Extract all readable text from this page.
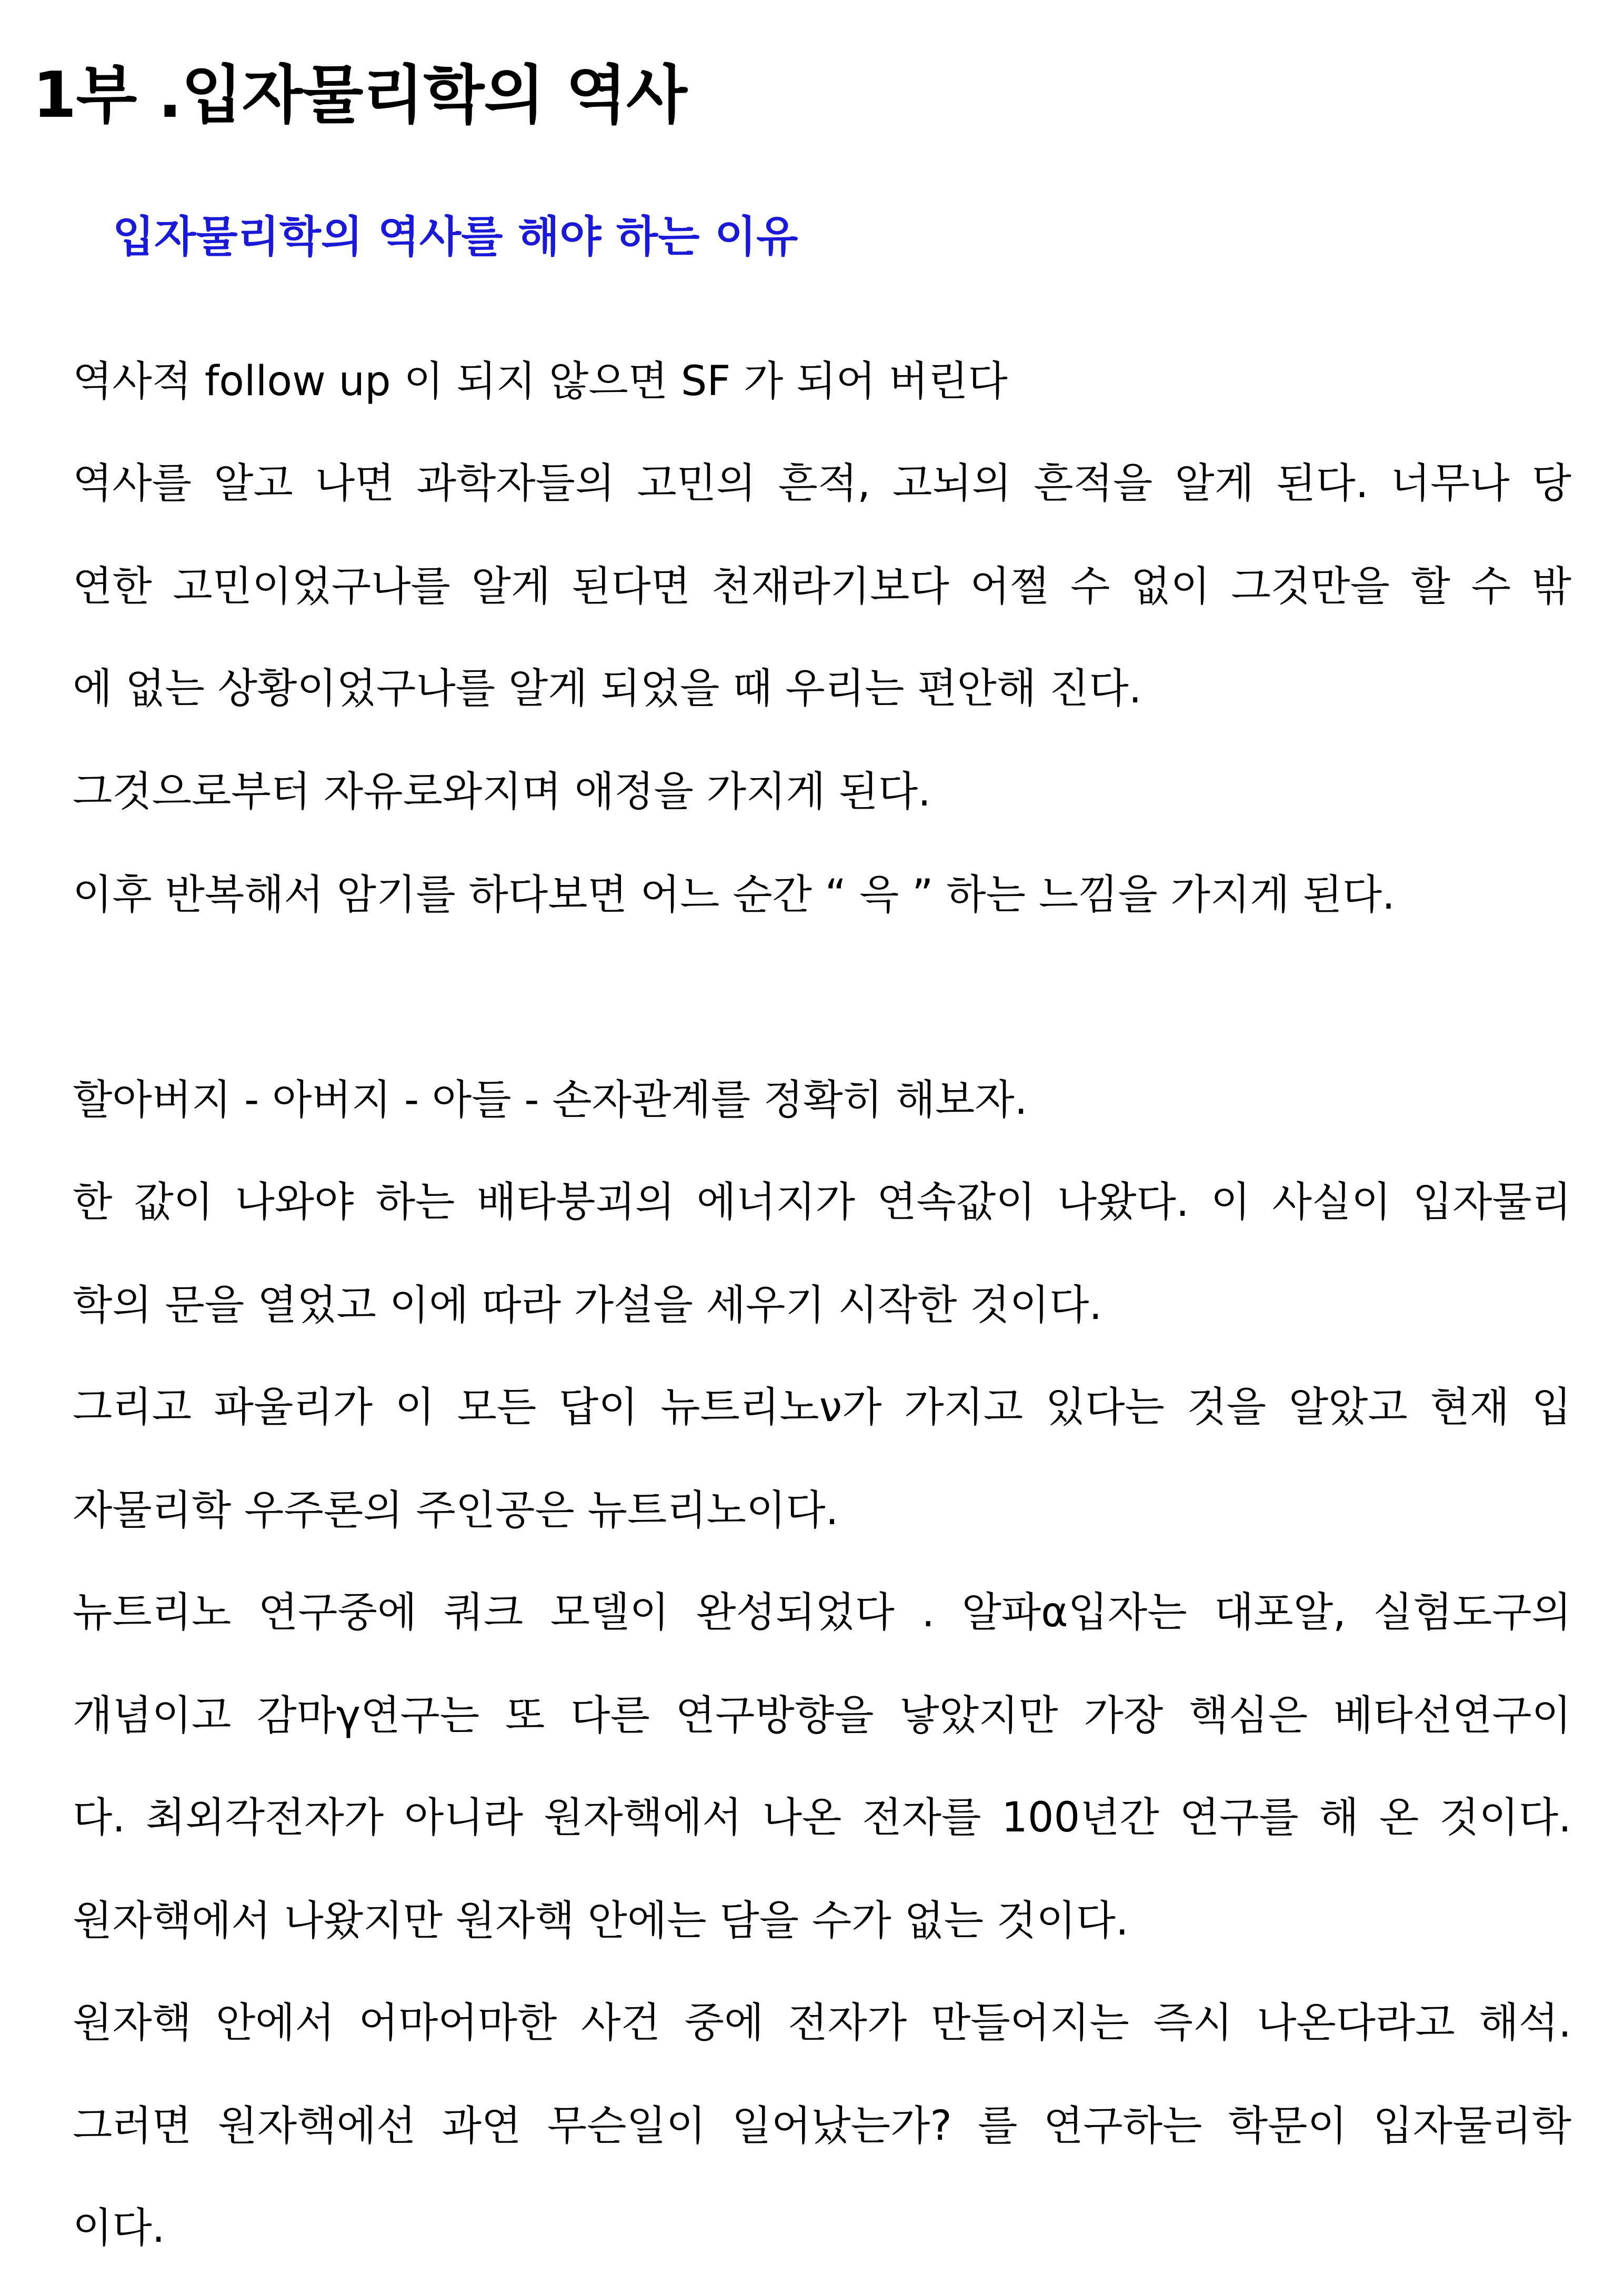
1부 .입자물리학의 역사
입자물리학의 역사를 해야 하는 이유

역사적 follow up 이 되지 않으면 SF 가 되어 버린다

역사를 알고 나면 과학자들의 고민의 흔적, 고뇌의 흔적을 알게 된다. 너무나 당

연한 고민이었구나를 알게 된다면 천재라기보다 어쩔 수 없이 그것만을 할 수 밖

에 없는 상황이었구나를 알게 되었을 때 우리는 편안해 진다.

그것으로부터 자유로와지며 애정을 가지게 된다.

이후 반복해서 암기를 하다보면 어느 순간 “ 윽 ” 하는 느낌을 가지게 된다.

할아버지 - 아버지 - 아들 - 손자관계를 정확히 해보자.

한 값이 나와야 하는 배타붕괴의 에너지가 연속값이 나왔다. 이 사실이 입자물리

학의 문을 열었고 이에 따라 가설을 세우기 시작한 것이다.

그리고 파울리가 이 모든 답이 뉴트리노ν가 가지고 있다는 것을 알았고 현재 입

자물리학 우주론의 주인공은 뉴트리노이다.

뉴트리노 연구중에 쿼크 모델이 완성되었다 . 알파α입자는 대포알, 실험도구의

개념이고 감마γ연구는 또 다른 연구방향을 낳았지만 가장 핵심은 베타선연구이

다. 최외각전자가 아니라 원자핵에서 나온 전자를 100년간 연구를 해 온 것이다.

원자핵에서 나왔지만 원자핵 안에는 담을 수가 없는 것이다.

원자핵 안에서 어마어마한 사건 중에 전자가 만들어지는 즉시 나온다라고 해석.

그러면 원자핵에선 과연 무슨일이 일어났는가? 를 연구하는 학문이 입자물리학

이다.
